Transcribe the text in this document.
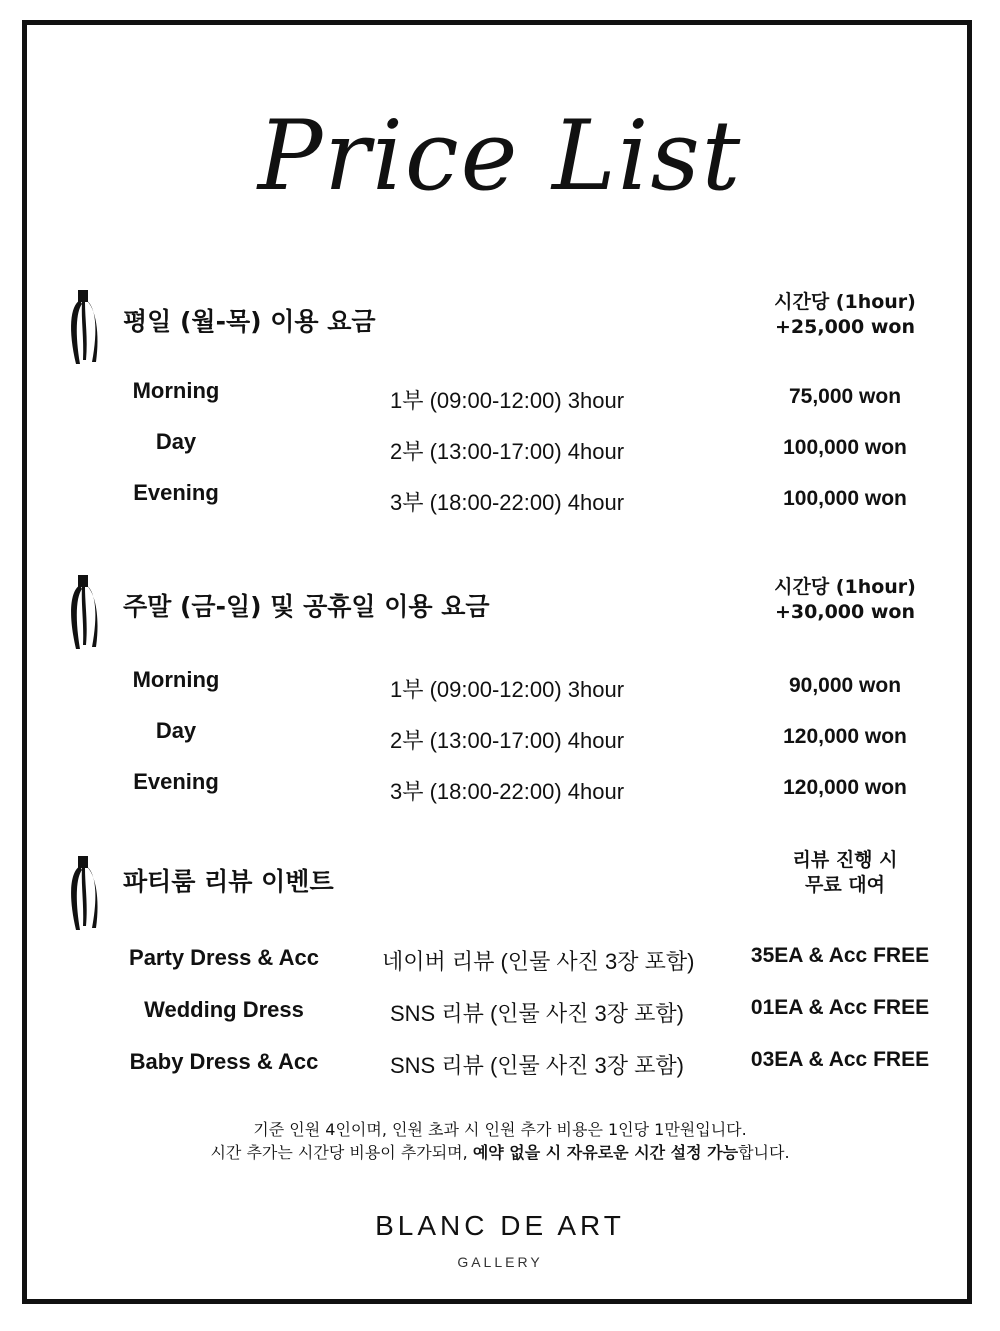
Price List
평일 (월-목) 이용 요금
시간당 (1hour)
+25,000 won
Morning	1부 (09:00-12:00) 3hour	75,000 won
Day	2부 (13:00-17:00) 4hour	100,000 won
Evening	3부 (18:00-22:00) 4hour	100,000 won
주말 (금-일) 및 공휴일 이용 요금
시간당 (1hour)
+30,000 won
Morning	1부 (09:00-12:00) 3hour	90,000 won
Day	2부 (13:00-17:00) 4hour	120,000 won
Evening	3부 (18:00-22:00) 4hour	120,000 won
파티룸 리뷰 이벤트
리뷰 진행 시
무료 대여
Party Dress & Acc	네이버 리뷰 (인물 사진 3장 포함)	35EA & Acc FREE
Wedding Dress	SNS 리뷰 (인물 사진 3장 포함)	01EA & Acc FREE
Baby Dress & Acc	SNS 리뷰 (인물 사진 3장 포함)	03EA & Acc FREE
기준 인원 4인이며, 인원 초과 시 인원 추가 비용은 1인당 1만원입니다.
시간 추가는 시간당 비용이 추가되며, 예약 없을 시 자유로운 시간 설정 가능합니다.
BLANC DE ART
GALLERY
